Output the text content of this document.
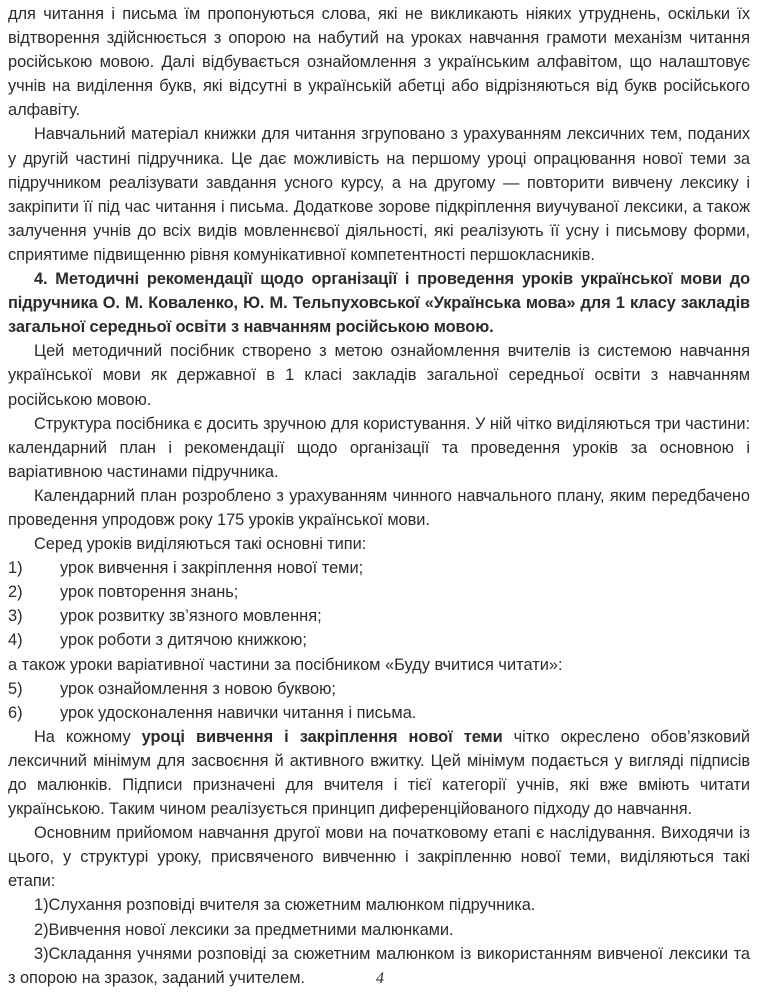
для читання і письма їм пропонуються слова, які не викликають ніяких утруднень, оскільки їх відтворення здійснюється з опорою на набутий на уроках навчання грамоти механізм читання російською мовою. Далі відбувається ознайомлення з українським алфавітом, що налаштовує учнів на виділення букв, які відсутні в українській абетці або відрізняються від букв російського алфавіту.

Навчальний матеріал книжки для читання згруповано з урахуванням лексичних тем, поданих у другій частині підручника. Це дає можливість на першому уроці опрацювання нової теми за підручником реалізувати завдання усного курсу, а на другому — повторити вивчену лексику і закріпити її під час читання і письма. Додаткове зорове підкріплення виучуваної лексики, а також залучення учнів до всіх видів мовленнєвої діяльності, які реалізують її усну і письмову форми, сприятиме підвищенню рівня комунікативної компетентності першокласників.

4. Методичні рекомендації щодо організації і проведення уроків української мови до підручника О. М. Коваленко, Ю. М. Тельпуховської «Українська мова» для 1 класу закладів загальної середньої освіти з навчанням російською мовою.

Цей методичний посібник створено з метою ознайомлення вчителів із системою навчання української мови як державної в 1 класі закладів загальної середньої освіти з навчанням російською мовою.

Структура посібника є досить зручною для користування. У ній чітко виділяються три частини: календарний план і рекомендації щодо організації та проведення уроків за основною і варіативною частинами підручника.

Календарний план розроблено з урахуванням чинного навчального плану, яким передбачено проведення упродовж року 175 уроків української мови.

Серед уроків виділяються такі основні типи:

1) урок вивчення і закріплення нової теми;
2) урок повторення знань;
3) урок розвитку зв’язного мовлення;
4) урок роботи з дитячою книжкою;

а також уроки варіативної частини за посібником «Буду вчитися читати»:

5) урок ознайомлення з новою буквою;
6) урок удосконалення навички читання і письма.

На кожному уроці вивчення і закріплення нової теми чітко окреслено обов’язковий лексичний мінімум для засвоєння й активного вжитку. Цей мінімум подається у вигляді підписів до малюнків. Підписи призначені для вчителя і тієї категорії учнів, які вже вміють читати українською. Таким чином реалізується принцип диференційованого підходу до навчання.

Основним прийомом навчання другої мови на початковому етапі є наслідування. Виходячи із цього, у структурі уроку, присвяченого вивченню і закріпленню нової теми, виділяються такі етапи:

1)Слухання розповіді вчителя за сюжетним малюнком підручника.
2)Вивчення нової лексики за предметними малюнками.
3)Складання учнями розповіді за сюжетним малюнком із використанням вивченої лексики та з опорою на зразок, заданий учителем.	4
